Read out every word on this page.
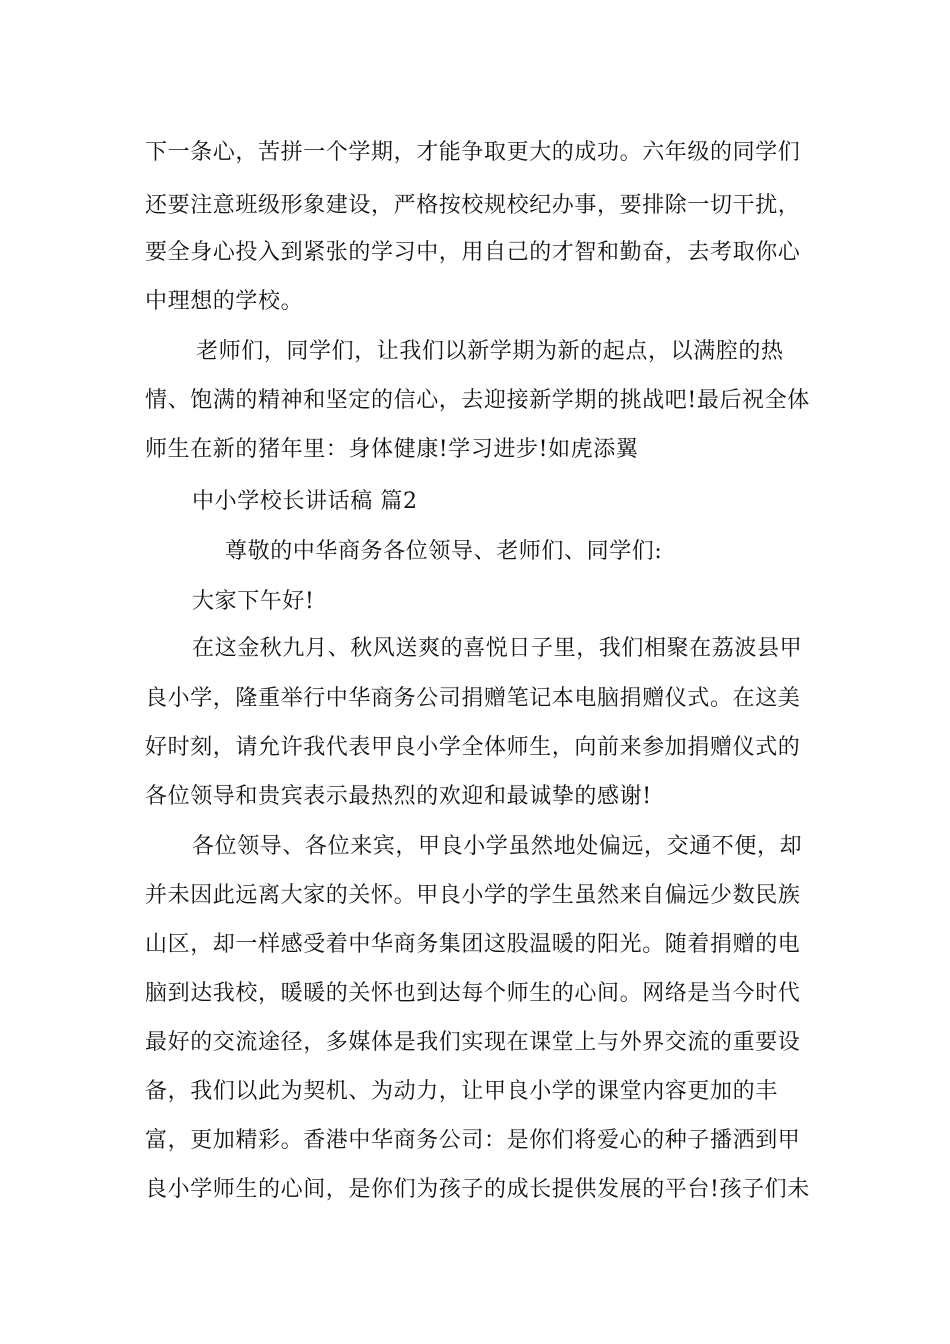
下一条心，苦拼一个学期，才能争取更大的成功。六年级的同学们
还要注意班级形象建设，严格按校规校纪办事，要排除一切干扰，
要全身心投入到紧张的学习中，用自己的才智和勤奋，去考取你心
中理想的学校。
老师们，同学们，让我们以新学期为新的起点，以满腔的热
情、饱满的精神和坚定的信心，去迎接新学期的挑战吧!最后祝全体
师生在新的猪年里：身体健康!学习进步!如虎添翼
中小学校长讲话稿 篇2
尊敬的中华商务各位领导、老师们、同学们:
大家下午好!
在这金秋九月、秋风送爽的喜悦日子里，我们相聚在荔波县甲
良小学，隆重举行中华商务公司捐赠笔记本电脑捐赠仪式。在这美
好时刻，请允许我代表甲良小学全体师生，向前来参加捐赠仪式的
各位领导和贵宾表示最热烈的欢迎和最诚挚的感谢!
各位领导、各位来宾，甲良小学虽然地处偏远，交通不便，却
并未因此远离大家的关怀。甲良小学的学生虽然来自偏远少数民族
山区，却一样感受着中华商务集团这股温暖的阳光。随着捐赠的电
脑到达我校，暖暖的关怀也到达每个师生的心间。网络是当今时代
最好的交流途径，多媒体是我们实现在课堂上与外界交流的重要设
备，我们以此为契机、为动力，让甲良小学的课堂内容更加的丰
富，更加精彩。香港中华商务公司：是你们将爱心的种子播洒到甲
良小学师生的心间，是你们为孩子的成长提供发展的平台!孩子们未
